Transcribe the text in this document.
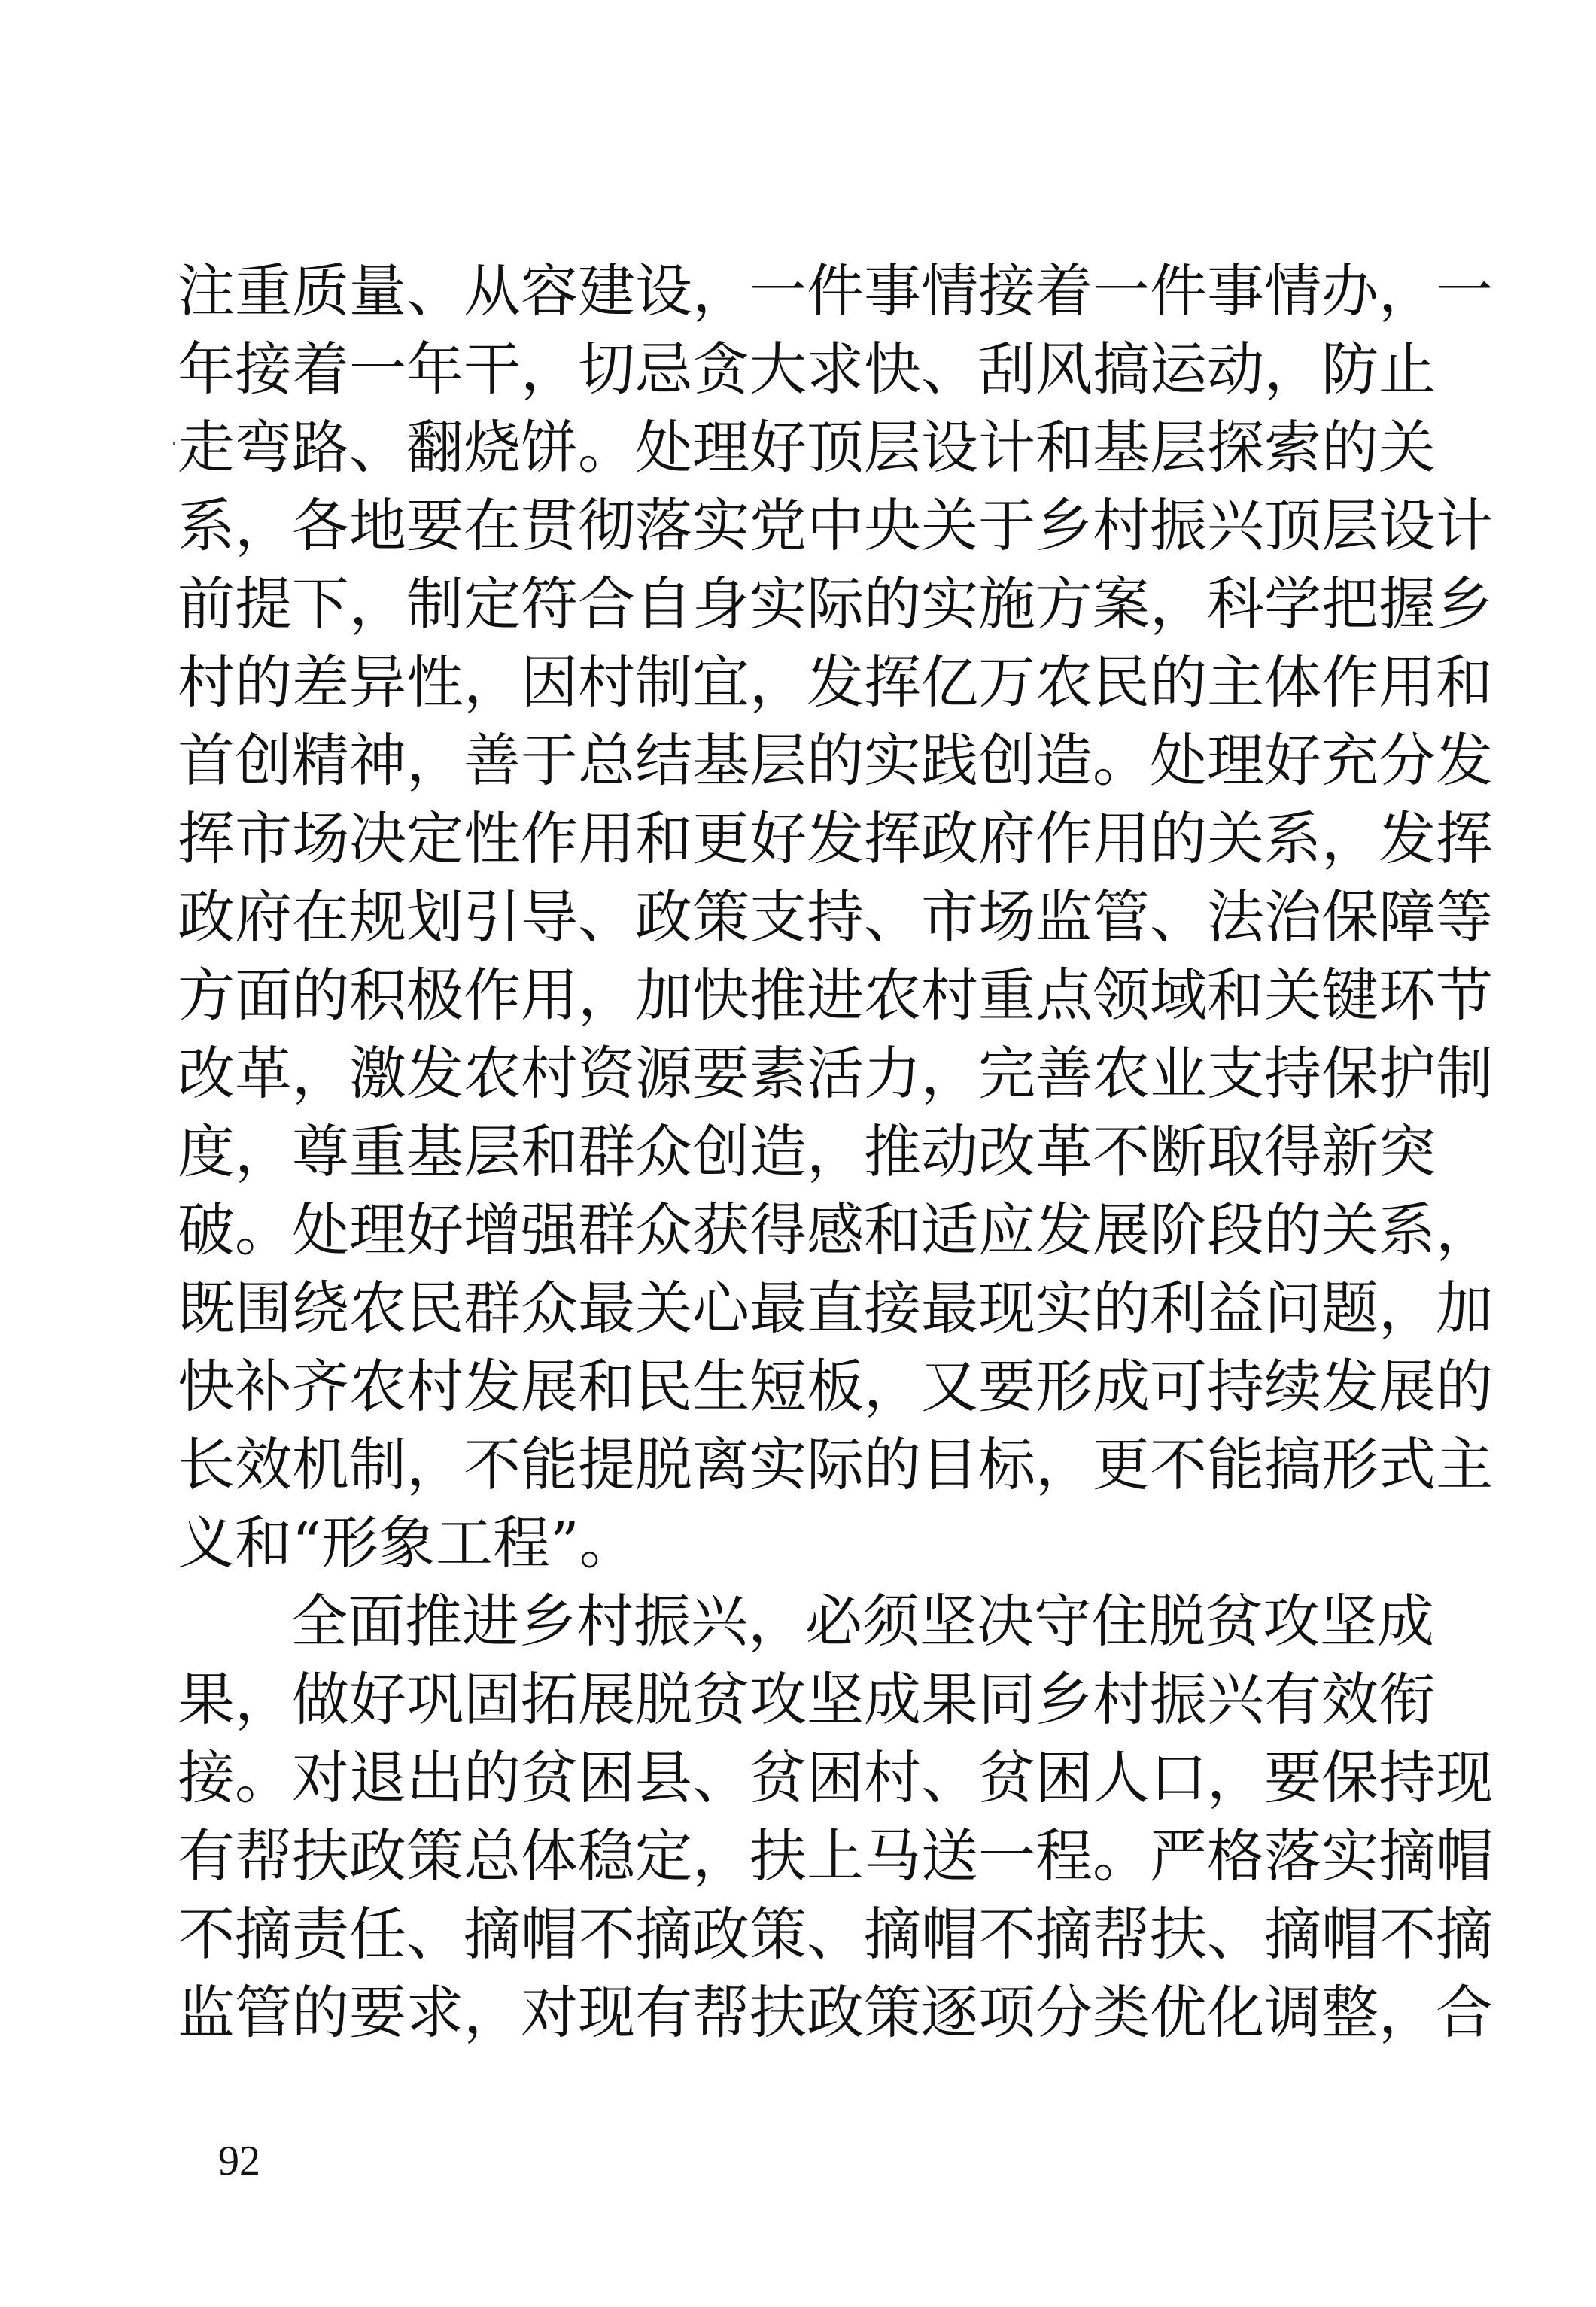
注重质量、从容建设，一件事情接着一件事情办，一
年接着一年干，切忌贪大求快、刮风搞运动，防止
走弯路、翻烧饼。处理好顶层设计和基层探索的关
系，各地要在贯彻落实党中央关于乡村振兴顶层设计
前提下，制定符合自身实际的实施方案，科学把握乡
村的差异性，因村制宜，发挥亿万农民的主体作用和
首创精神，善于总结基层的实践创造。处理好充分发
挥市场决定性作用和更好发挥政府作用的关系，发挥
政府在规划引导、政策支持、市场监管、法治保障等
方面的积极作用，加快推进农村重点领域和关键环节
改革，激发农村资源要素活力，完善农业支持保护制
度，尊重基层和群众创造，推动改革不断取得新突
破。处理好增强群众获得感和适应发展阶段的关系，
既围绕农民群众最关心最直接最现实的利益问题，加
快补齐农村发展和民生短板，又要形成可持续发展的
长效机制，不能提脱离实际的目标，更不能搞形式主
义和“形象工程”。
全面推进乡村振兴，必须坚决守住脱贫攻坚成
果，做好巩固拓展脱贫攻坚成果同乡村振兴有效衔
接。对退出的贫困县、贫困村、贫困人口，要保持现
有帮扶政策总体稳定，扶上马送一程。严格落实摘帽
不摘责任、摘帽不摘政策、摘帽不摘帮扶、摘帽不摘
监管的要求，对现有帮扶政策逐项分类优化调整，合
92
